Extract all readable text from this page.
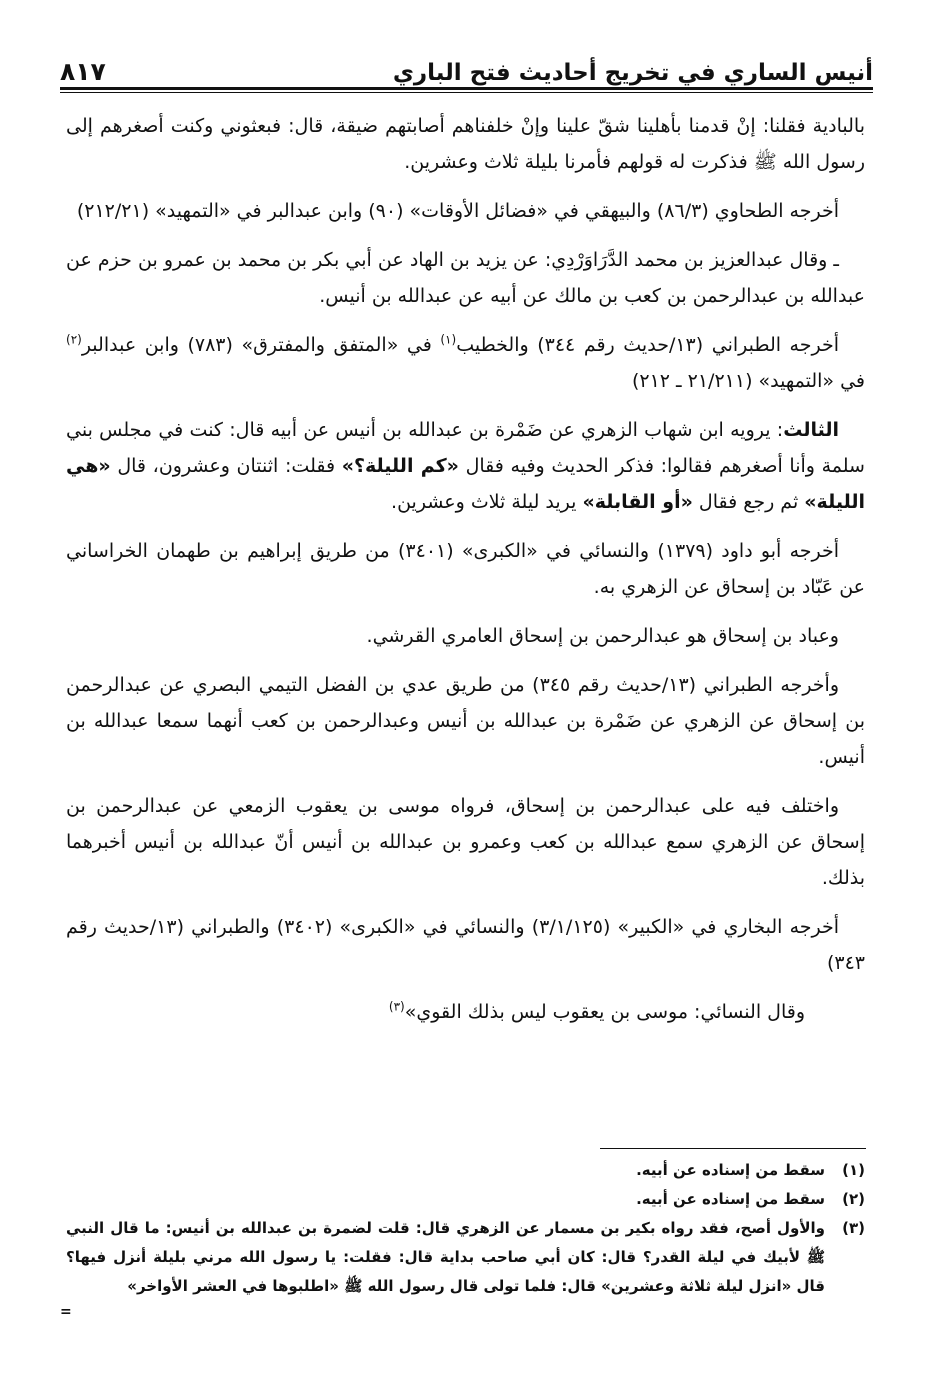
أنيس الساري في تخريج أحاديث فتح الباري
٨١٧

بالبادية فقلنا: إنْ قدمنا بأهلينا شقّ علينا وإنْ خلفناهم أصابتهم ضيقة، قال: فبعثوني وكنت أصغرهم إلى رسول الله ﷺ فذكرت له قولهم فأمرنا بليلة ثلاث وعشرين.

أخرجه الطحاوي (٨٦/٣) والبيهقي في «فضائل الأوقات» (٩٠) وابن عبدالبر في «التمهيد» (٢١٢/٢١)

ـ وقال عبدالعزيز بن محمد الدَّرَاوَرْدِي: عن يزيد بن الهاد عن أبي بكر بن محمد بن عمرو بن حزم عن عبدالله بن عبدالرحمن بن كعب بن مالك عن أبيه عن عبدالله بن أنيس.

أخرجه الطبراني (١٣/حديث رقم ٣٤٤) والخطيب$^{(١)}$ في «المتفق والمفترق» (٧٨٣) وابن عبدالبر$^{(٢)}$ في «التمهيد» (٢١/٢١١ ـ ٢١٢)

الثالث: يرويه ابن شهاب الزهري عن ضَمْرة بن عبدالله بن أنيس عن أبيه قال: كنت في مجلس بني سلمة وأنا أصغرهم فقالوا: فذكر الحديث وفيه فقال «كم الليلة؟» فقلت: اثنتان وعشرون، قال «هي الليلة» ثم رجع فقال «أو القابلة» يريد ليلة ثلاث وعشرين.

أخرجه أبو داود (١٣٧٩) والنسائي في «الكبرى» (٣٤٠١) من طريق إبراهيم بن طهمان الخراساني عن عَبّاد بن إسحاق عن الزهري به.

وعباد بن إسحاق هو عبدالرحمن بن إسحاق العامري القرشي.

وأخرجه الطبراني (١٣/حديث رقم ٣٤٥) من طريق عدي بن الفضل التيمي البصري عن عبدالرحمن بن إسحاق عن الزهري عن ضَمْرة بن عبدالله بن أنيس وعبدالرحمن بن كعب أنهما سمعا عبدالله بن أنيس.

واختلف فيه على عبدالرحمن بن إسحاق، فرواه موسى بن يعقوب الزمعي عن عبدالرحمن بن إسحاق عن الزهري سمع عبدالله بن كعب وعمرو بن عبدالله بن أنيس أنّ عبدالله بن أنيس أخبرهما بذلك.

أخرجه البخاري في «الكبير» (٣/١/١٢٥) والنسائي في «الكبرى» (٣٤٠٢) والطبراني (١٣/حديث رقم ٣٤٣)

وقال النسائي: موسى بن يعقوب ليس بذلك القوي»$^{(٣)}$

(١)
سقط من إسناده عن أبيه.
(٢)
سقط من إسناده عن أبيه.
(٣)
والأول أصح، فقد رواه بكير بن مسمار عن الزهري قال: قلت لضمرة بن عبدالله بن أنيس: ما قال النبي ﷺ لأبيك في ليلة القدر؟ قال: كان أبي صاحب بداية قال: فقلت: يا رسول الله مرني بليلة أنزل فيها؟ قال «انزل ليلة ثلاثة وعشرين» قال: فلما تولى قال رسول الله ﷺ «اطلبوها في العشر الأواخر»
=
